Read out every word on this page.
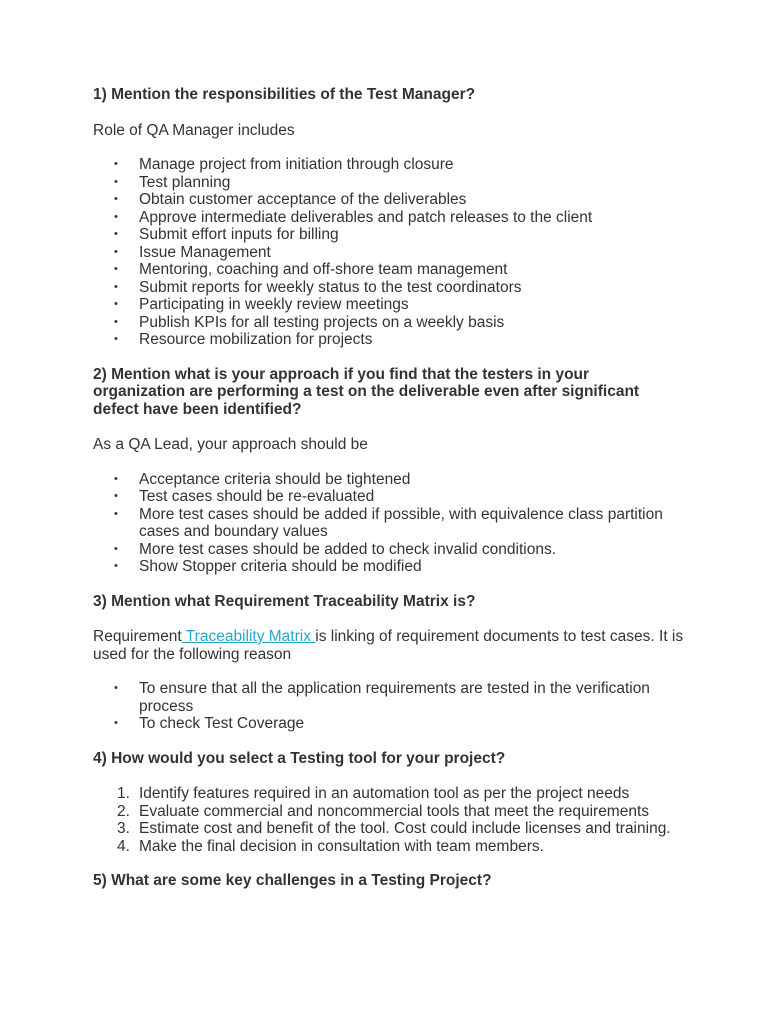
1) Mention the responsibilities of the Test Manager?

Role of QA Manager includes

• Manage project from initiation through closure
• Test planning
• Obtain customer acceptance of the deliverables
• Approve intermediate deliverables and patch releases to the client
• Submit effort inputs for billing
• Issue Management
• Mentoring, coaching and off-shore team management
• Submit reports for weekly status to the test coordinators
• Participating in weekly review meetings
• Publish KPIs for all testing projects on a weekly basis
• Resource mobilization for projects

2) Mention what is your approach if you find that the testers in your
organization are performing a test on the deliverable even after significant
defect have been identified?

As a QA Lead, your approach should be

• Acceptance criteria should be tightened
• Test cases should be re-evaluated
• More test cases should be added if possible, with equivalence class partition cases and boundary values
• More test cases should be added to check invalid conditions.
• Show Stopper criteria should be modified

3) Mention what Requirement Traceability Matrix is?

Requirement Traceability Matrix is linking of requirement documents to test cases. It is used for the following reason

• To ensure that all the application requirements are tested in the verification process
• To check Test Coverage

4) How would you select a Testing tool for your project?

1. Identify features required in an automation tool as per the project needs
2. Evaluate commercial and noncommercial tools that meet the requirements
3. Estimate cost and benefit of the tool. Cost could include licenses and training.
4. Make the final decision in consultation with team members.

5) What are some key challenges in a Testing Project?
